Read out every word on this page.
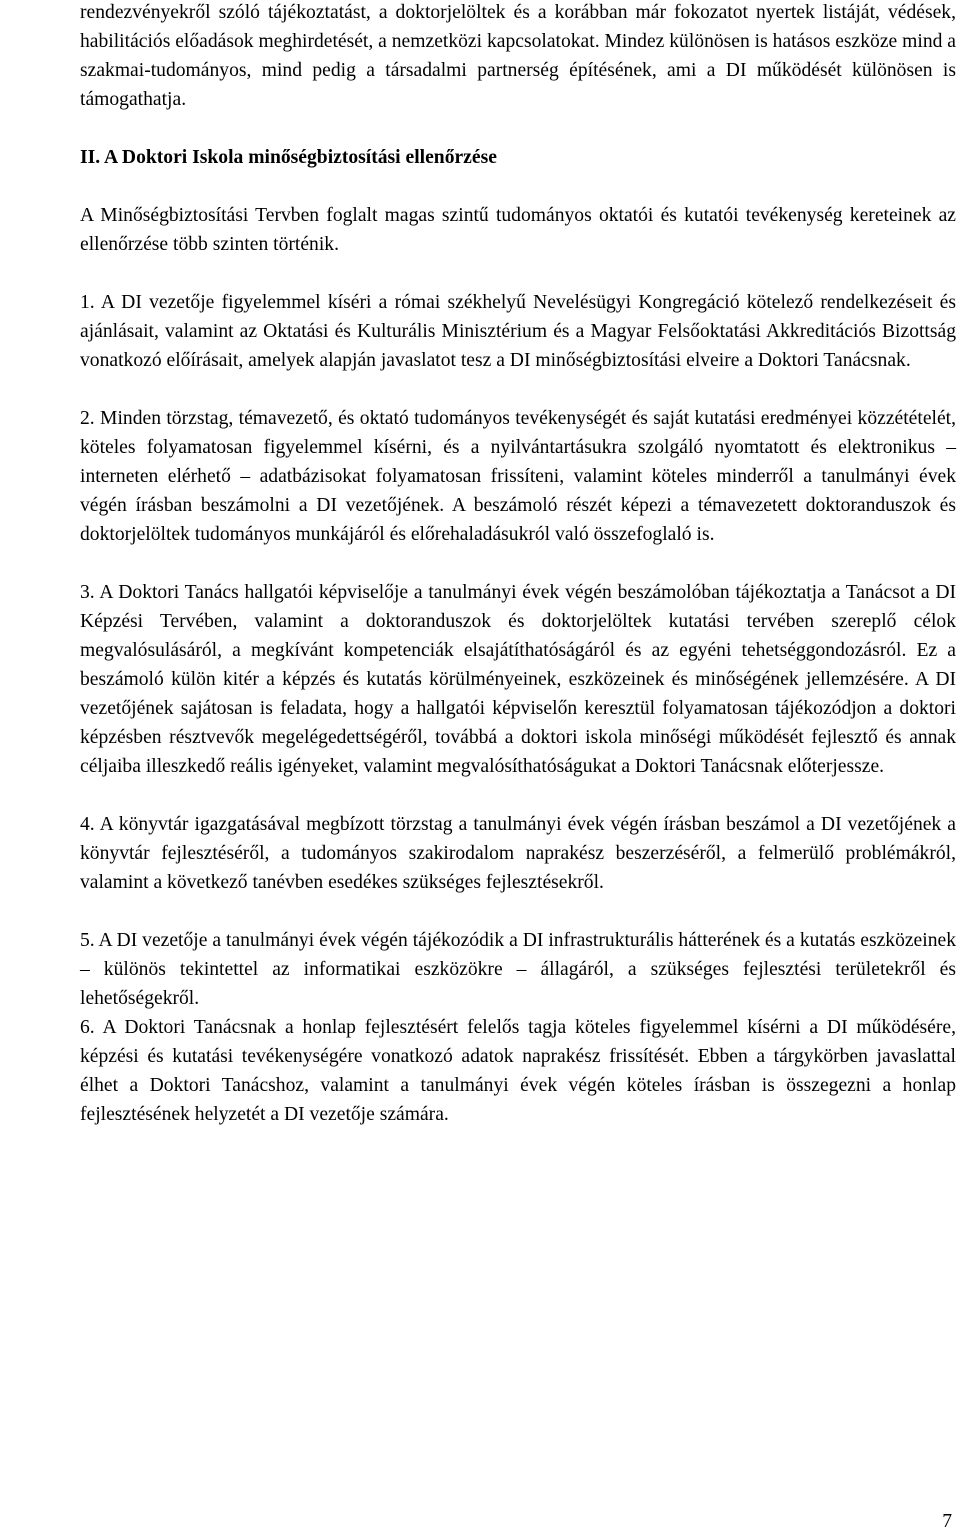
rendezvényekről szóló tájékoztatást, a doktorjelöltek és a korábban már fokozatot nyertek listáját, védések, habilitációs előadások meghirdetését, a nemzetközi kapcsolatokat. Mindez különösen is hatásos eszköze mind a szakmai-tudományos, mind pedig a társadalmi partnerség építésének, ami a DI működését különösen is támogathatja.

II. A Doktori Iskola minőségbiztosítási ellenőrzése

A Minőségbiztosítási Tervben foglalt magas szintű tudományos oktatói és kutatói tevékenység kereteinek az ellenőrzése több szinten történik.

1. A DI vezetője figyelemmel kíséri a római székhelyű Nevelésügyi Kongregáció kötelező rendelkezéseit és ajánlásait, valamint az Oktatási és Kulturális Minisztérium és a Magyar Felsőoktatási Akkreditációs Bizottság vonatkozó előírásait, amelyek alapján javaslatot tesz a DI minőségbiztosítási elveire a Doktori Tanácsnak.

2. Minden törzstag, témavezető, és oktató tudományos tevékenységét és saját kutatási eredményei közzétételét, köteles folyamatosan figyelemmel kísérni, és a nyilvántartásukra szolgáló nyomtatott és elektronikus – interneten elérhető – adatbázisokat folyamatosan frissíteni, valamint köteles minderről a tanulmányi évek végén írásban beszámolni a DI vezetőjének. A beszámoló részét képezi a témavezetett doktoranduszok és doktorjelöltek tudományos munkájáról és előrehaladásukról való összefoglaló is.

3. A Doktori Tanács hallgatói képviselője a tanulmányi évek végén beszámolóban tájékoztatja a Tanácsot a DI Képzési Tervében, valamint a doktoranduszok és doktorjelöltek kutatási tervében szereplő célok megvalósulásáról, a megkívánt kompetenciák elsajátíthatóságáról és az egyéni tehetséggondozásról. Ez a beszámoló külön kitér a képzés és kutatás körülményeinek, eszközeinek és minőségének jellemzésére. A DI vezetőjének sajátosan is feladata, hogy a hallgatói képviselőn keresztül folyamatosan tájékozódjon a doktori képzésben résztvevők megelégedettségéről, továbbá a doktori iskola minőségi működését fejlesztő és annak céljaiba illeszkedő reális igényeket, valamint megvalósíthatóságukat a Doktori Tanácsnak előterjessze.

4. A könyvtár igazgatásával megbízott törzstag a tanulmányi évek végén írásban beszámol a DI vezetőjének a könyvtár fejlesztéséről, a tudományos szakirodalom naprakész beszerzéséről, a felmerülő problémákról, valamint a következő tanévben esedékes szükséges fejlesztésekről.

5. A DI vezetője a tanulmányi évek végén tájékozódik a DI infrastrukturális hátterének és a kutatás eszközeinek – különös tekintettel az informatikai eszközökre – állagáról, a szükséges fejlesztési területekről és lehetőségekről.

6. A Doktori Tanácsnak a honlap fejlesztésért felelős tagja köteles figyelemmel kísérni a DI működésére, képzési és kutatási tevékenységére vonatkozó adatok naprakész frissítését. Ebben a tárgykörben javaslattal élhet a Doktori Tanácshoz, valamint a tanulmányi évek végén köteles írásban is összegezni a honlap fejlesztésének helyzetét a DI vezetője számára.

7
